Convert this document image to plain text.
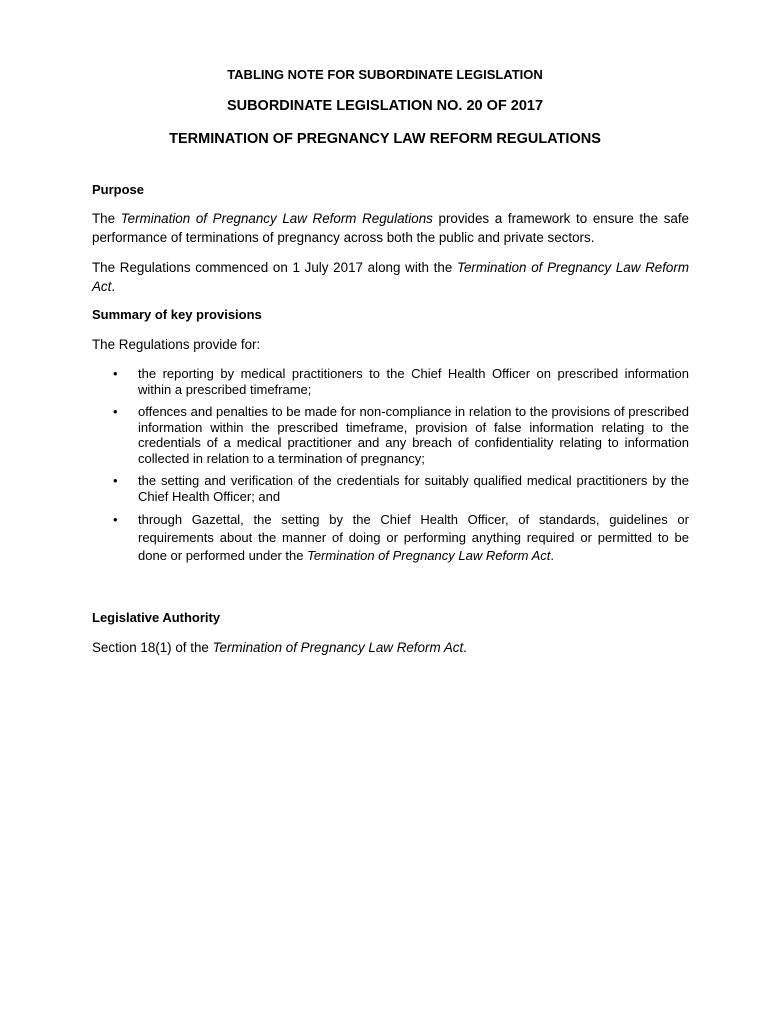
TABLING NOTE FOR SUBORDINATE LEGISLATION
SUBORDINATE LEGISLATION NO. 20 OF 2017
TERMINATION OF PREGNANCY LAW REFORM REGULATIONS
Purpose

The Termination of Pregnancy Law Reform Regulations provides a framework to ensure the safe performance of terminations of pregnancy across both the public and private sectors.

The Regulations commenced on 1 July 2017 along with the Termination of Pregnancy Law Reform Act.

Summary of key provisions
The Regulations provide for:
• the reporting by medical practitioners to the Chief Health Officer on prescribed information within a prescribed timeframe;
• offences and penalties to be made for non-compliance in relation to the provisions of prescribed information within the prescribed timeframe, provision of false information relating to the credentials of a medical practitioner and any breach of confidentiality relating to information collected in relation to a termination of pregnancy;
• the setting and verification of the credentials for suitably qualified medical practitioners by the Chief Health Officer; and
• through Gazettal, the setting by the Chief Health Officer, of standards, guidelines or requirements about the manner of doing or performing anything required or permitted to be done or performed under the Termination of Pregnancy Law Reform Act.
Legislative Authority
Section 18(1) of the Termination of Pregnancy Law Reform Act.
